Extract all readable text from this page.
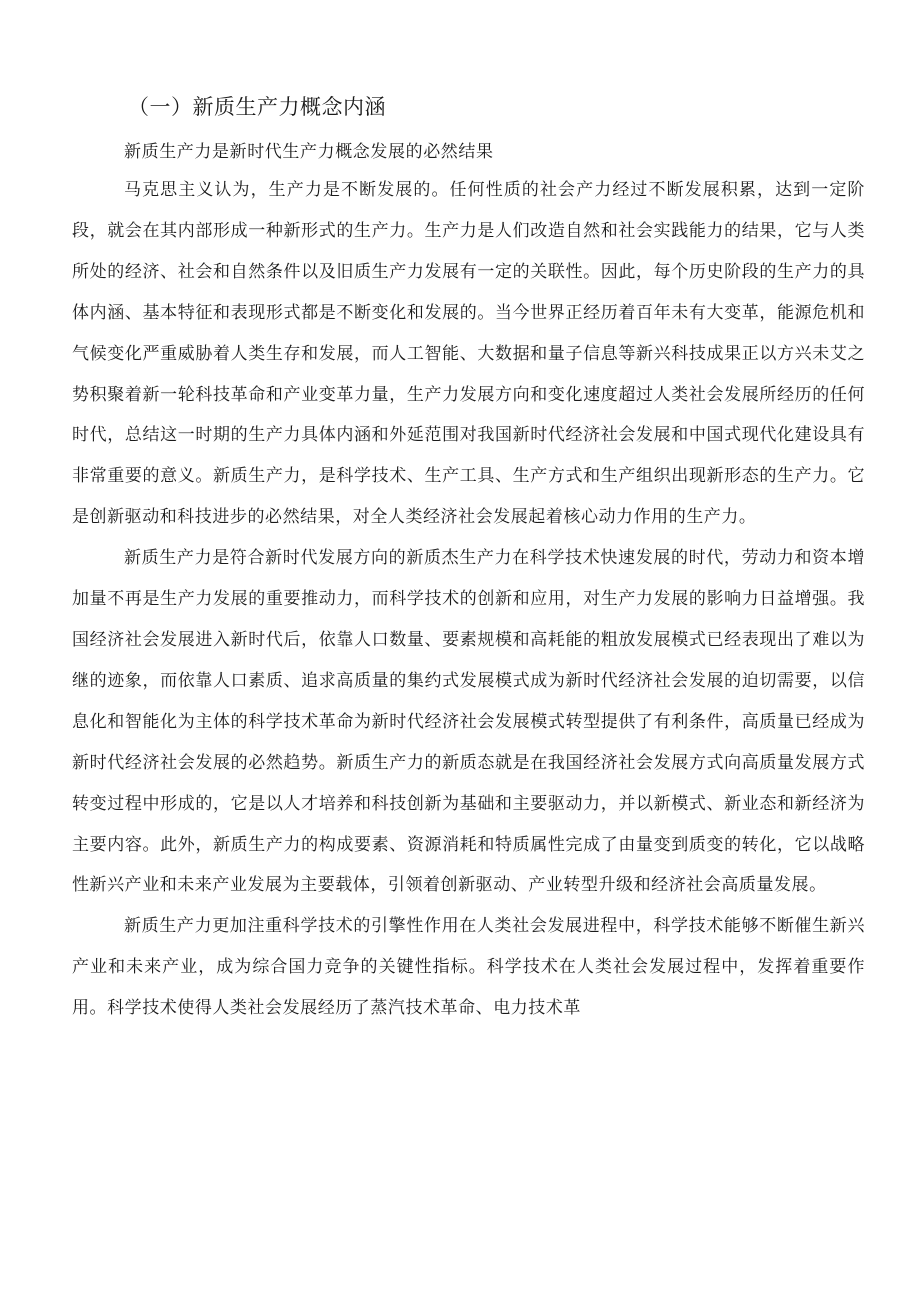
（一）新质生产力概念内涵
新质生产力是新时代生产力概念发展的必然结果

马克思主义认为，生产力是不断发展的。任何性质的社会产力经过不断发展积累，达到一定阶段，就会在其内部形成一种新形式的生产力。生产力是人们改造自然和社会实践能力的结果，它与人类所处的经济、社会和自然条件以及旧质生产力发展有一定的关联性。因此，每个历史阶段的生产力的具体内涵、基本特征和表现形式都是不断变化和发展的。当今世界正经历着百年未有大变革，能源危机和气候变化严重威胁着人类生存和发展，而人工智能、大数据和量子信息等新兴科技成果正以方兴未艾之势积聚着新一轮科技革命和产业变革力量，生产力发展方向和变化速度超过人类社会发展所经历的任何时代，总结这一时期的生产力具体内涵和外延范围对我国新时代经济社会发展和中国式现代化建设具有非常重要的意义。新质生产力，是科学技术、生产工具、生产方式和生产组织出现新形态的生产力。它是创新驱动和科技进步的必然结果，对全人类经济社会发展起着核心动力作用的生产力。

新质生产力是符合新时代发展方向的新质杰生产力在科学技术快速发展的时代，劳动力和资本增加量不再是生产力发展的重要推动力，而科学技术的创新和应用，对生产力发展的影响力日益增强。我国经济社会发展进入新时代后，依靠人口数量、要素规模和高耗能的粗放发展模式已经表现出了难以为继的迹象，而依靠人口素质、追求高质量的集约式发展模式成为新时代经济社会发展的迫切需要，以信息化和智能化为主体的科学技术革命为新时代经济社会发展模式转型提供了有利条件，高质量已经成为新时代经济社会发展的必然趋势。新质生产力的新质态就是在我国经济社会发展方式向高质量发展方式转变过程中形成的，它是以人才培养和科技创新为基础和主要驱动力，并以新模式、新业态和新经济为主要内容。此外，新质生产力的构成要素、资源消耗和特质属性完成了由量变到质变的转化，它以战略性新兴产业和未来产业发展为主要载体，引领着创新驱动、产业转型升级和经济社会高质量发展。

新质生产力更加注重科学技术的引擎性作用在人类社会发展进程中，科学技术能够不断催生新兴产业和未来产业，成为综合国力竞争的关键性指标。科学技术在人类社会发展过程中，发挥着重要作用。科学技术使得人类社会发展经历了蒸汽技术革命、电力技术革
